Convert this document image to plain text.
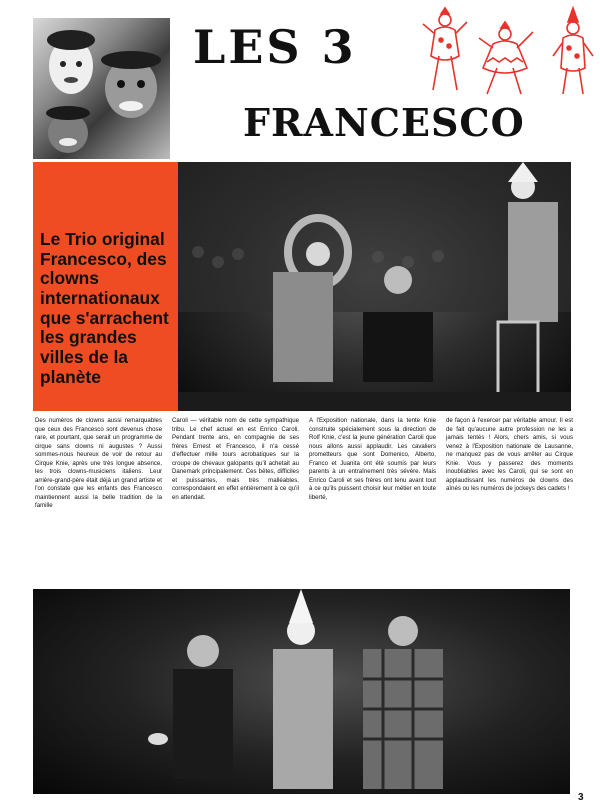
LES 3
FRANCESCO

Le Trio original Francesco, des clowns internationaux que s'arrachent les grandes villes de la planète

Des numéros de clowns aussi remarquables que ceux des Francesco sont devenus chose rare, et pourtant, que serait un programme de cirque sans clowns ni augustes ? Aussi sommes-nous heureux de voir de retour au Cirque Knie, après une très longue absence, les trois clowns-musiciens italiens. Leur arrière-grand-père était déjà un grand artiste et l'on constate que les enfants des Francesco maintiennent aussi la belle tradition de la famille

Caroli — véritable nom de cette sympathique tribu. Le chef actuel en est Enrico Caroli. Pendant trente ans, en compagnie de ses frères Ernest et Francesco, il n'a cessé d'effectuer mille tours acrobatiques sur la croupe de chevaux galopants qu'il achetait au Danemark principalement. Ces bêtes, difficiles et puissantes, mais très malléables, correspondaient en effet entièrement à ce qu'il en attendait.

A l'Exposition nationale, dans la tente Knie construite spécialement sous la direction de Rolf Knie, c'est la jeune génération Caroli que nous allons aussi applaudir. Les cavaliers prometteurs que sont Domenico, Alberto, Franco et Juanita ont été soumis par leurs parents à un entraînement très sévère. Mais Enrico Caroli et ses frères ont tenu avant tout à ce qu'ils puissent choisir leur métier en toute liberté,

de façon à l'exercer par véritable amour. Il est de fait qu'aucune autre profession ne les a jamais tentés ! Alors, chers amis, si vous venez à l'Exposition nationale de Lausanne, ne manquez pas de vous arrêter au Cirque Knie. Vous y passerez des moments inoubliables avec les Caroli, qui se sont en applaudissant les numéros de clowns des aînés ou les numéros de jockeys des cadets !

3
